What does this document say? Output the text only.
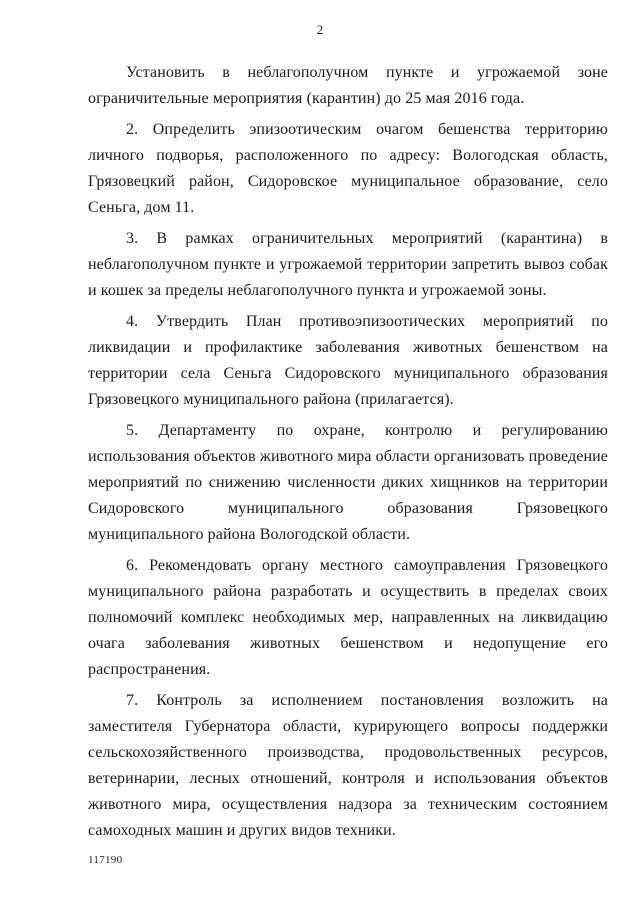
2

Установить в неблагополучном пункте и угрожаемой зоне ограничительные мероприятия (карантин) до 25 мая 2016 года.

2. Определить эпизоотическим очагом бешенства территорию личного подворья, расположенного по адресу: Вологодская область, Грязовецкий район, Сидоровское муниципальное образование, село Сеньга, дом 11.

3. В рамках ограничительных мероприятий (карантина) в неблагополучном пункте и угрожаемой территории запретить вывоз собак и кошек за пределы неблагополучного пункта и угрожаемой зоны.

4. Утвердить План противоэпизоотических мероприятий по ликвидации и профилактике заболевания животных бешенством на территории села Сеньга Сидоровского муниципального образования Грязовецкого муниципального района (прилагается).

5. Департаменту по охране, контролю и регулированию использования объектов животного мира области организовать проведение мероприятий по снижению численности диких хищников на территории Сидоровского муниципального образования Грязовецкого муниципального района Вологодской области.

6. Рекомендовать органу местного самоуправления Грязовецкого муниципального района разработать и осуществить в пределах своих полномочий комплекс необходимых мер, направленных на ликвидацию очага заболевания животных бешенством и недопущение его распространения.

7. Контроль за исполнением постановления возложить на заместителя Губернатора области, курирующего вопросы поддержки сельскохозяйственного производства, продовольственных ресурсов, ветеринарии, лесных отношений, контроля и использования объектов животного мира, осуществления надзора за техническим состоянием самоходных машин и других видов техники.

117190
